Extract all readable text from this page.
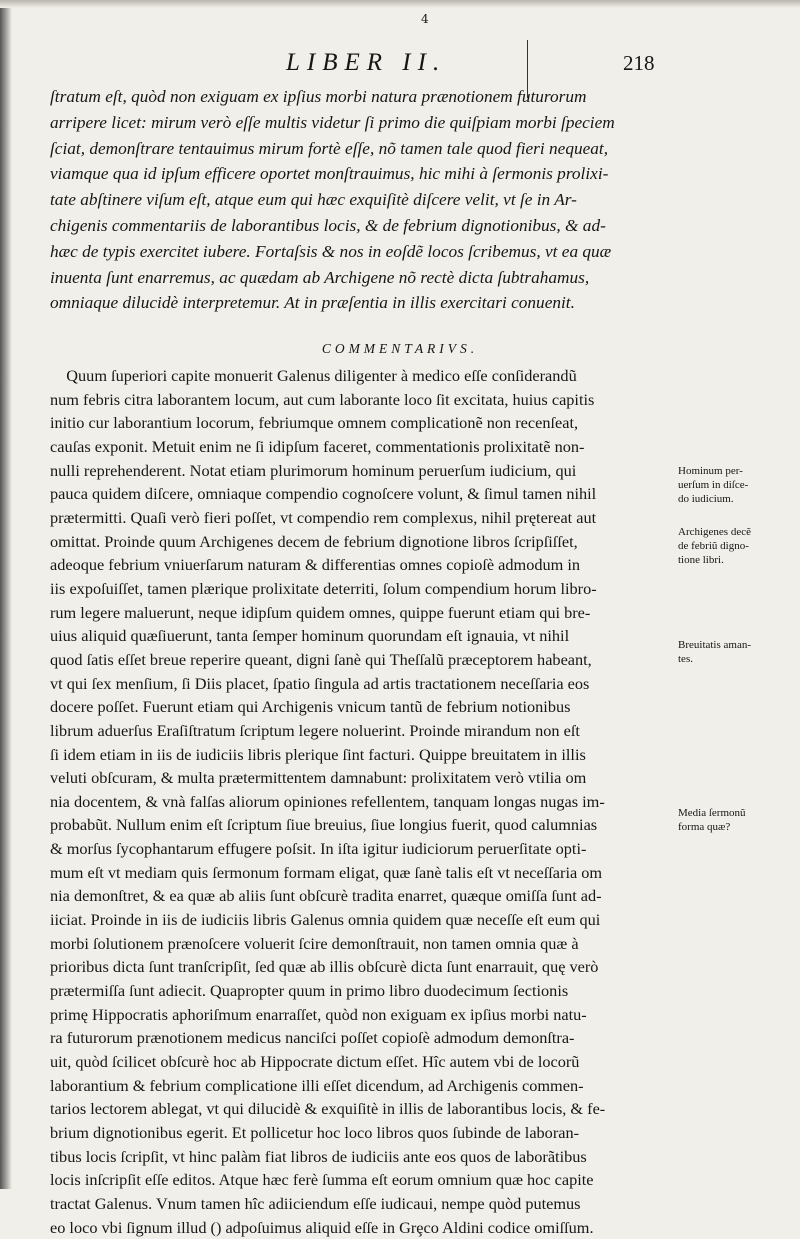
4
LIBER II.	218
ſtratum eſt, quòd non exiguam ex ipſius morbi natura prænotionem futurorum
arripere licet: mirum verò eſſe multis videtur ſi primo die quiſpiam morbi ſpeciem
ſciat, demonſtrare tentauimus mirum fortè eſſe, nõ tamen tale quod fieri nequeat,
viamque qua id ipſum efficere oportet monſtrauimus, hic mihi à ſermonis prolixi-
tate abſtinere viſum eſt, atque eum qui hæc exquiſitè diſcere velit, vt ſe in Ar-
chigenis commentariis de laborantibus locis, & de febrium dignotionibus, & ad-
hæc de typis exercitet iubere. Fortaſsis & nos in eoſdẽ locos ſcribemus, vt ea quæ
inuenta ſunt enarremus, ac quædam ab Archigene nõ rectè dicta ſubtrahamus,
omniaque dilucidè interpretemur. At in præſentia in illis exercitari conuenit.
COMMENTARIVS.
Quum ſuperiori capite monuerit Galenus diligenter à medico eſſe conſiderandũ
num febris citra laborantem locum, aut cum laborante loco ſit excitata, huius capitis
initio cur laborantium locorum, febriumque omnem complicationẽ non recenſeat,
cauſas exponit. Metuit enim ne ſi idipſum faceret, commentationis prolixitatẽ non-
nulli reprehenderent. Notat etiam plurimorum hominum peruerſum iudicium, qui
pauca quidem diſcere, omniaque compendio cognoſcere volunt, & ſimul tamen nihil
prætermitti. Quaſi verò fieri poſſet, vt compendio rem complexus, nihil prętereat aut
omittat. Proinde quum Archigenes decem de febrium dignotione libros ſcripſiſſet,
adeoque febrium vniuerſarum naturam & differentias omnes copioſè admodum in
iis expoſuiſſet, tamen plærique prolixitate deterriti, ſolum compendium horum libro-
rum legere maluerunt, neque idipſum quidem omnes, quippe fuerunt etiam qui bre-
uius aliquid quæſiuerunt, tanta ſemper hominum quorundam eſt ignauia, vt nihil
quod ſatis eſſet breue reperire queant, digni ſanè qui Theſſalũ præceptorem habeant,
vt qui ſex menſium, ſi Diis placet, ſpatio ſingula ad artis tractationem neceſſaria eos
docere poſſet. Fuerunt etiam qui Archigenis vnicum tantũ de febrium notionibus
librum aduerſus Eraſiſtratum ſcriptum legere noluerint. Proinde mirandum non eſt
ſi idem etiam in iis de iudiciis libris plerique ſint facturi. Quippe breuitatem in illis
veluti obſcuram, & multa prætermittentem damnabunt: prolixitatem verò vtilia om
nia docentem, & vnà falſas aliorum opiniones refellentem, tanquam longas nugas im-
probabũt. Nullum enim eſt ſcriptum ſiue breuius, ſiue longius fuerit, quod calumnias
& morſus ſycophantarum effugere poſsit. In iſta igitur iudiciorum peruerſitate opti-
mum eſt vt mediam quis ſermonum formam eligat, quæ ſanè talis eſt vt neceſſaria om
nia demonſtret, & ea quæ ab aliis ſunt obſcurè tradita enarret, quæque omiſſa ſunt ad-
iiciat. Proinde in iis de iudiciis libris Galenus omnia quidem quæ neceſſe eſt eum qui
morbi ſolutionem prænoſcere voluerit ſcire demonſtrauit, non tamen omnia quæ à
prioribus dicta ſunt tranſcripſit, ſed quæ ab illis obſcurè dicta ſunt enarrauit, quę verò
prætermiſſa ſunt adiecit. Quapropter quum in primo libro duodecimum ſectionis
primę Hippocratis aphoriſmum enarraſſet, quòd non exiguam ex ipſius morbi natu-
ra futurorum prænotionem medicus nanciſci poſſet copioſè admodum demonſtra-
uit, quòd ſcilicet obſcurè hoc ab Hippocrate dictum eſſet. Hîc autem vbi de locorũ
laborantium & febrium complicatione illi eſſet dicendum, ad Archigenis commen-
tarios lectorem ablegat, vt qui dilucidè & exquiſitè in illis de laborantibus locis, & fe-
brium dignotionibus egerit. Et pollicetur hoc loco libros quos ſubinde de laboran-
tibus locis ſcripſit, vt hinc palàm fiat libros de iudiciis ante eos quos de laborãtibus
locis inſcripſit eſſe editos. Atque hæc ferè ſumma eſt eorum omnium quæ hoc capite
tractat Galenus. Vnum tamen hîc adiiciendum eſſe iudicaui, nempe quòd putemus
eo loco vbi ſignum illud () adpoſuimus aliquid eſſe in Grȩco Aldini codice omiſſum.
Hominum per-
uerſum in diſce-
do iudicium.
Archigenes decẽ
de febriũ digno-
tione libri.
Breuitatis aman-
tes.
Media ſermonũ
forma quæ?
